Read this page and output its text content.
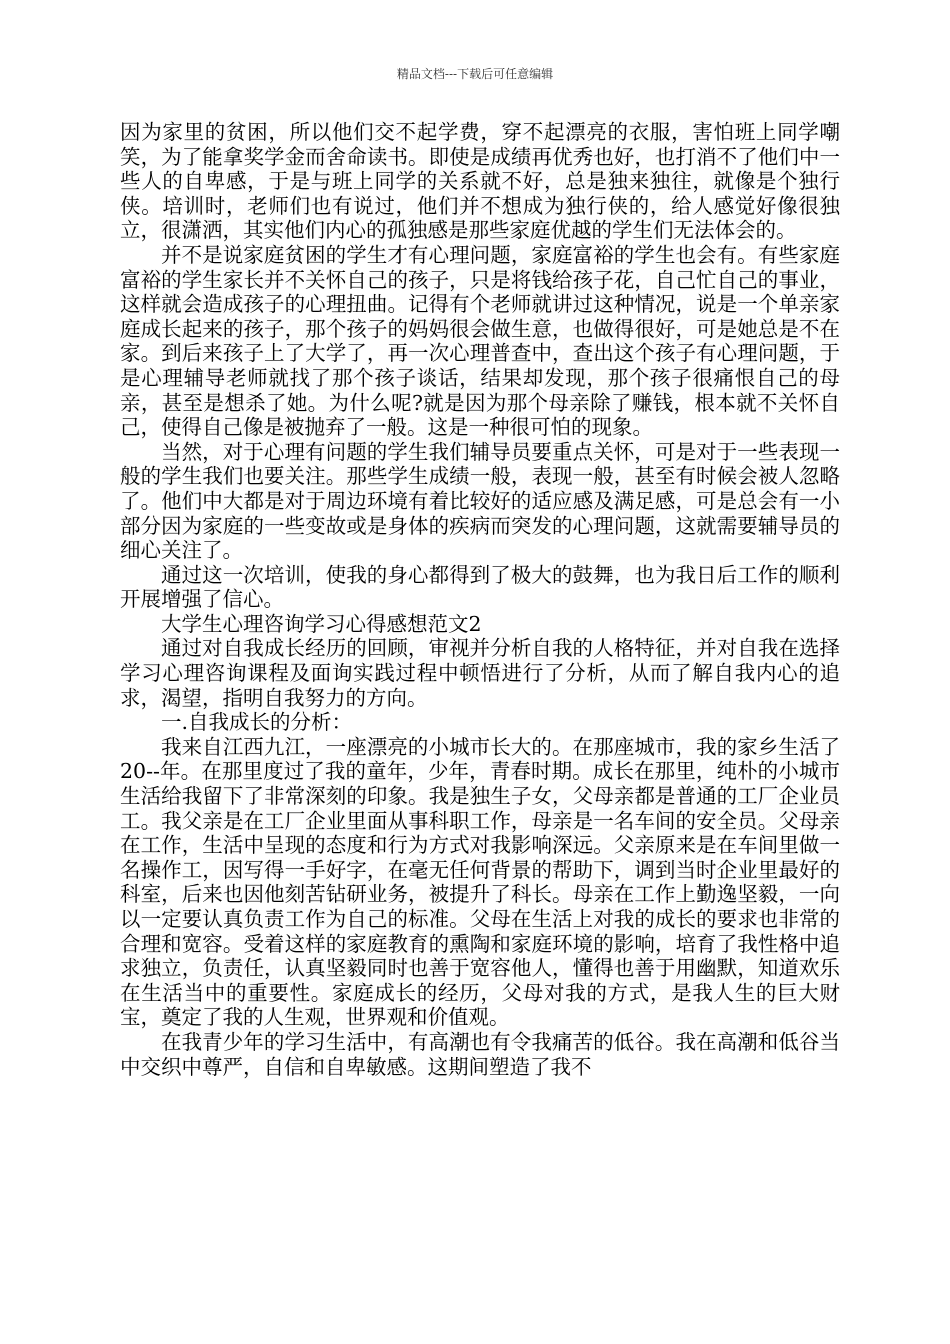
精品文档---下载后可任意编辑

因为家里的贫困，所以他们交不起学费，穿不起漂亮的衣服，害怕班上同学嘲笑，为了能拿奖学金而舍命读书。即使是成绩再优秀也好，也打消不了他们中一些人的自卑感，于是与班上同学的关系就不好，总是独来独往，就像是个独行侠。培训时，老师们也有说过，他们并不想成为独行侠的，给人感觉好像很独立，很潇洒，其实他们内心的孤独感是那些家庭优越的学生们无法体会的。

并不是说家庭贫困的学生才有心理问题，家庭富裕的学生也会有。有些家庭富裕的学生家长并不关怀自己的孩子，只是将钱给孩子花，自己忙自己的事业，这样就会造成孩子的心理扭曲。记得有个老师就讲过这种情况，说是一个单亲家庭成长起来的孩子，那个孩子的妈妈很会做生意，也做得很好，可是她总是不在家。到后来孩子上了大学了，再一次心理普查中，查出这个孩子有心理问题，于是心理辅导老师就找了那个孩子谈话，结果却发现，那个孩子很痛恨自己的母亲，甚至是想杀了她。为什么呢?就是因为那个母亲除了赚钱，根本就不关怀自己，使得自己像是被抛弃了一般。这是一种很可怕的现象。

当然，对于心理有问题的学生我们辅导员要重点关怀，可是对于一些表现一般的学生我们也要关注。那些学生成绩一般，表现一般，甚至有时候会被人忽略了。他们中大都是对于周边环境有着比较好的适应感及满足感，可是总会有一小部分因为家庭的一些变故或是身体的疾病而突发的心理问题，这就需要辅导员的细心关注了。

通过这一次培训，使我的身心都得到了极大的鼓舞，也为我日后工作的顺利开展增强了信心。

大学生心理咨询学习心得感想范文2

通过对自我成长经历的回顾，审视并分析自我的人格特征，并对自我在选择学习心理咨询课程及面询实践过程中顿悟进行了分析，从而了解自我内心的追求，渴望，指明自我努力的方向。

一.自我成长的分析：

我来自江西九江，一座漂亮的小城市长大的。在那座城市，我的家乡生活了20--年。在那里度过了我的童年，少年，青春时期。成长在那里，纯朴的小城市生活给我留下了非常深刻的印象。我是独生子女，父母亲都是普通的工厂企业员工。我父亲是在工厂企业里面从事科职工作，母亲是一名车间的安全员。父母亲在工作，生活中呈现的态度和行为方式对我影响深远。父亲原来是在车间里做一名操作工，因写得一手好字，在毫无任何背景的帮助下，调到当时企业里最好的科室，后来也因他刻苦钻研业务，被提升了科长。母亲在工作上勤逸坚毅，一向以一定要认真负责工作为自己的标准。父母在生活上对我的成长的要求也非常的合理和宽容。受着这样的家庭教育的熏陶和家庭环境的影响，培育了我性格中追求独立，负责任，认真坚毅同时也善于宽容他人，懂得也善于用幽默，知道欢乐在生活当中的重要性。家庭成长的经历，父母对我的方式，是我人生的巨大财宝，奠定了我的人生观，世界观和价值观。

在我青少年的学习生活中，有高潮也有令我痛苦的低谷。我在高潮和低谷当中交织中尊严，自信和自卑敏感。这期间塑造了我不
